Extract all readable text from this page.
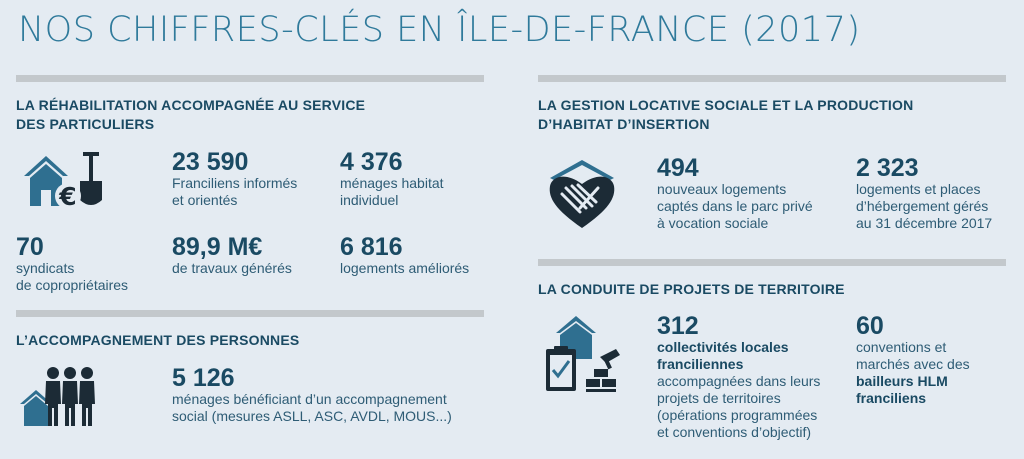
NOS CHIFFRES-CLÉS EN ÎLE-DE-FRANCE (2017)
LA RÉHABILITATION ACCOMPAGNÉE AU SERVICE
DES PARTICULIERS
€
23 590
Franciliens informés
et orientés
4 376
ménages habitat
individuel
70
syndicats
de copropriétaires
89,9 M€
de travaux générés
6 816
logements améliorés
L’ACCOMPAGNEMENT DES PERSONNES
5 126
ménages bénéficiant d’un accompagnement
social (mesures ASLL, ASC, AVDL, MOUS...)
LA GESTION LOCATIVE SOCIALE ET LA PRODUCTION
D’HABITAT D’INSERTION
494
nouveaux logements
captés dans le parc privé
à vocation sociale
2 323
logements et places
d’hébergement gérés
au 31 décembre 2017
LA CONDUITE DE PROJETS DE TERRITOIRE
312
collectivités locales
franciliennes
accompagnées dans leurs
projets de territoires
(opérations programmées
et conventions d’objectif)
60
conventions et
marchés avec des
bailleurs HLM
franciliens
